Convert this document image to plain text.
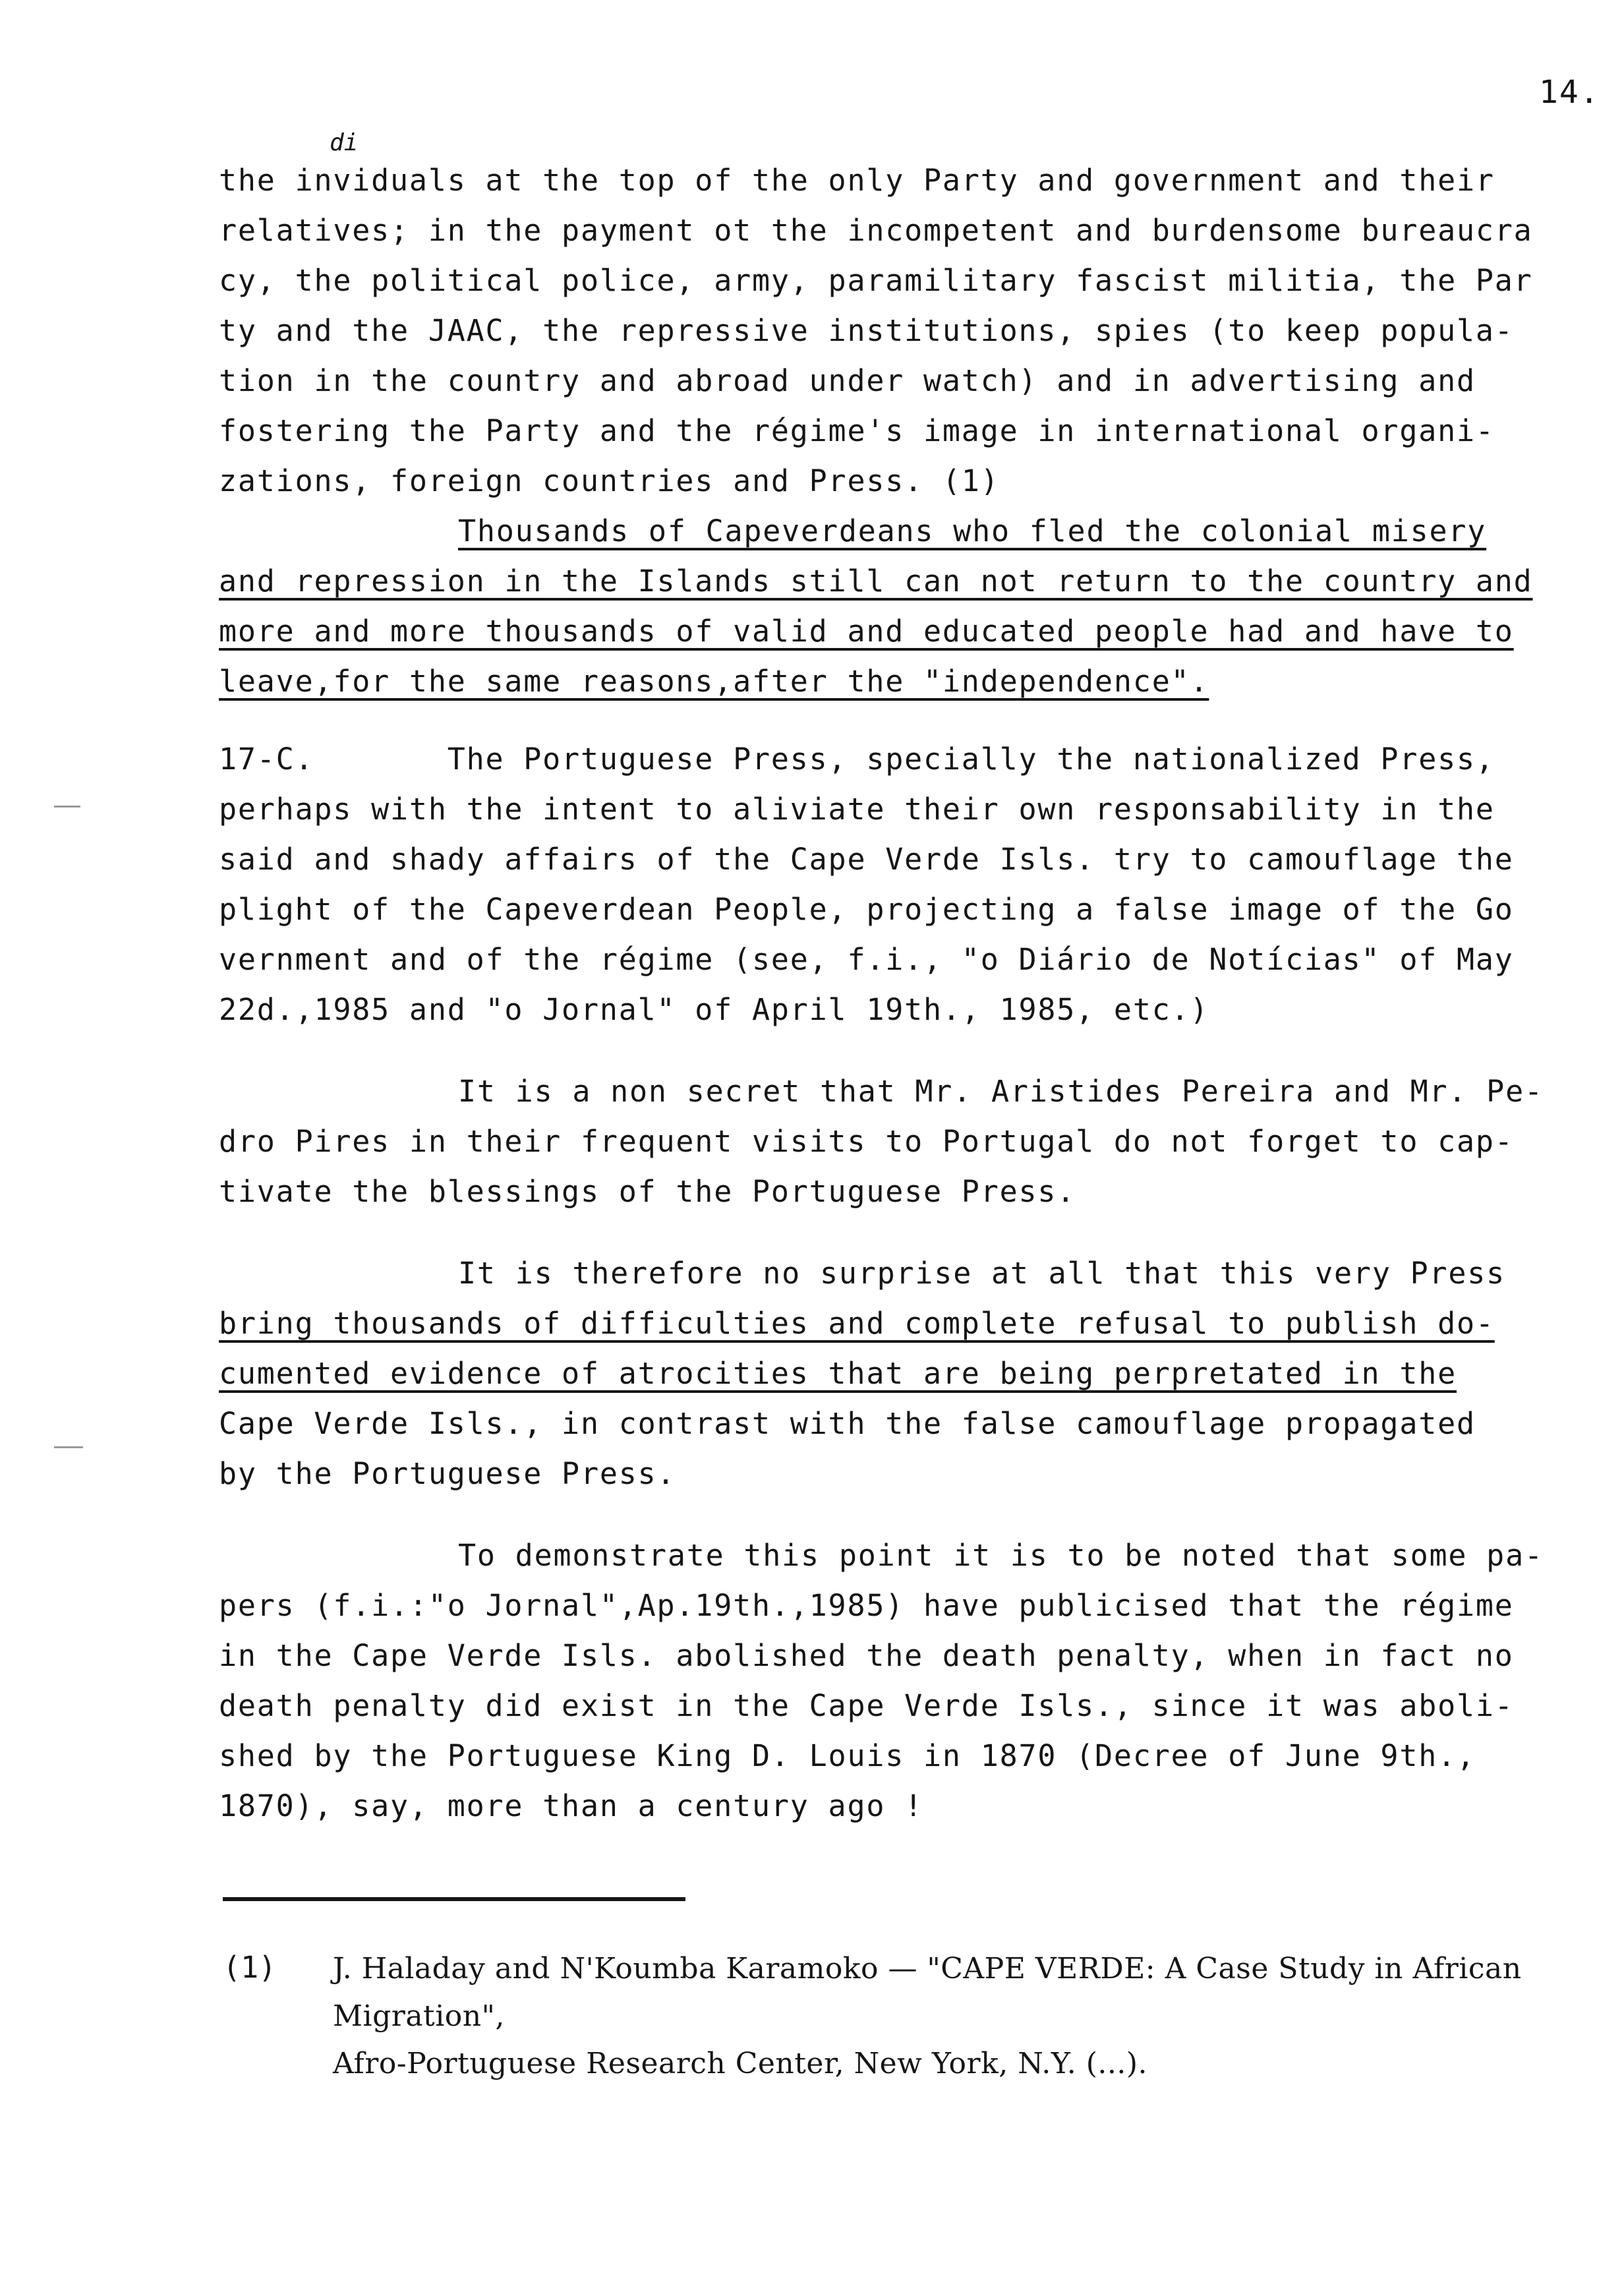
14.
di
the inviduals at the top of the only Party and government and their
relatives; in the payment ot the incompetent and burdensome bureaucra
cy, the political police, army, paramilitary fascist militia, the Par
ty and the JAAC, the repressive institutions, spies (to keep popula-
tion in the country and abroad under watch) and in advertising and
fostering the Party and the régime's image in international organi-
zations, foreign countries and Press. (1)
Thousands of Capeverdeans who fled the colonial misery
and repression in the Islands still can not return to the country and
more and more thousands of valid and educated people had and have to
leave,for the same reasons,after the "independence".
17-C.       The Portuguese Press, specially the nationalized Press,
perhaps with the intent to aliviate their own responsability in the
said and shady affairs of the Cape Verde Isls. try to camouflage the
plight of the Capeverdean People, projecting a false image of the Go
vernment and of the régime (see, f.i., "o Diário de Notícias" of May
22d.,1985 and "o Jornal" of April 19th., 1985, etc.)
It is a non secret that Mr. Aristides Pereira and Mr. Pe-
dro Pires in their frequent visits to Portugal do not forget to cap-
tivate the blessings of the Portuguese Press.
It is therefore no surprise at all that this very Press
bring thousands of difficulties and complete refusal to publish do-
cumented evidence of atrocities that are being perpretated in the
Cape Verde Isls., in contrast with the false camouflage propagated
by the Portuguese Press.
To demonstrate this point it is to be noted that some pa-
pers (f.i.:"o Jornal",Ap.19th.,1985) have publicised that the régime
in the Cape Verde Isls. abolished the death penalty, when in fact no
death penalty did exist in the Cape Verde Isls., since it was aboli-
shed by the Portuguese King D. Louis in 1870 (Decree of June 9th.,
1870), say, more than a century ago !
(1) J. Haladay and N'Koumba Karamoko — "CAPE VERDE: A Case Study in African
Migration",
Afro-Portuguese Research Center, New York, N.Y. (...).
